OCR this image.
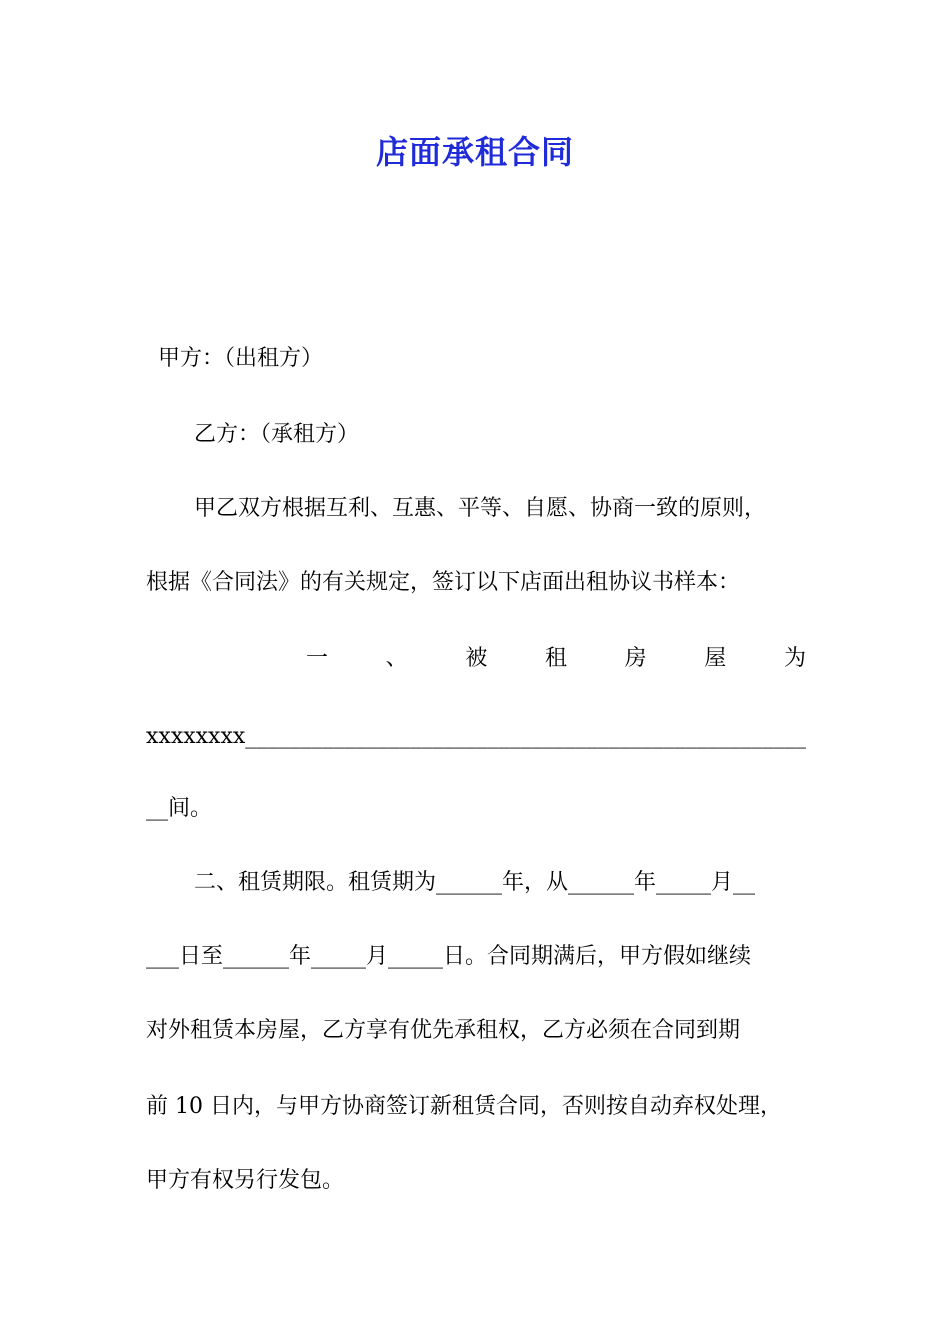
店面承租合同
甲方：（出租方）
乙方：（承租方）
甲乙双方根据互利、互惠、平等、自愿、协商一致的原则，
根据《合同法》的有关规定，签订以下店面出租协议书样本：
一	、	被	租	房	屋	为
xxxxxxxx___________________________________________________
__间。
二、租赁期限。租赁期为______年，从______年_____月__
___日至______年_____月_____日。合同期满后，甲方假如继续
对外租赁本房屋，乙方享有优先承租权，乙方必须在合同到期
前 10 日内，与甲方协商签订新租赁合同，否则按自动弃权处理，
甲方有权另行发包。
